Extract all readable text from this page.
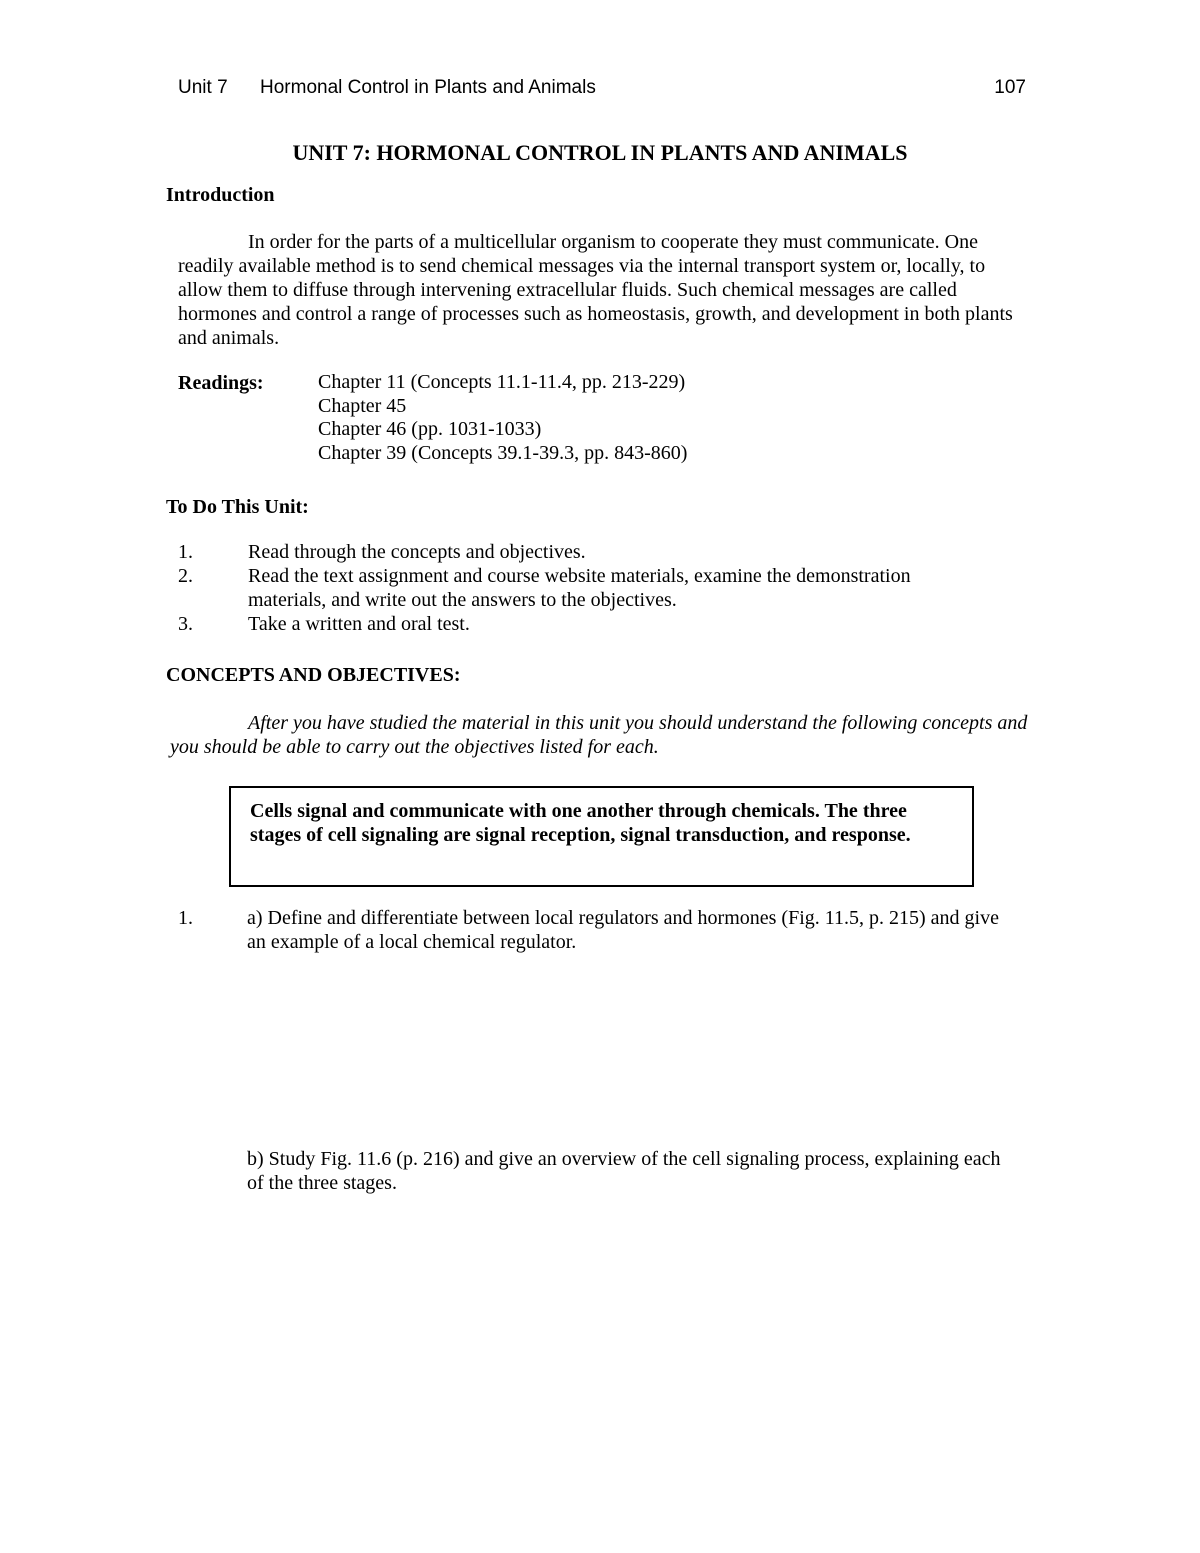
Unit 7 Hormonal Control in Plants and Animals	107
UNIT 7: HORMONAL CONTROL IN PLANTS AND ANIMALS
Introduction
In order for the parts of a multicellular organism to cooperate they must communicate. One readily available method is to send chemical messages via the internal transport system or, locally, to allow them to diffuse through intervening extracellular fluids. Such chemical messages are called hormones and control a range of processes such as homeostasis, growth, and development in both plants and animals.
Readings:	Chapter 11 (Concepts 11.1-11.4, pp. 213-229)
Chapter 45
Chapter 46 (pp. 1031-1033)
Chapter 39 (Concepts 39.1-39.3, pp. 843-860)
To Do This Unit:
1.	Read through the concepts and objectives.
2.	Read the text assignment and course website materials, examine the demonstration materials, and write out the answers to the objectives.
3.	Take a written and oral test.
CONCEPTS AND OBJECTIVES:
After you have studied the material in this unit you should understand the following concepts and you should be able to carry out the objectives listed for each.
Cells signal and communicate with one another through chemicals. The three stages of cell signaling are signal reception, signal transduction, and response.
1.	a) Define and differentiate between local regulators and hormones (Fig. 11.5, p. 215) and give an example of a local chemical regulator.
b) Study Fig. 11.6 (p. 216) and give an overview of the cell signaling process, explaining each of the three stages.
